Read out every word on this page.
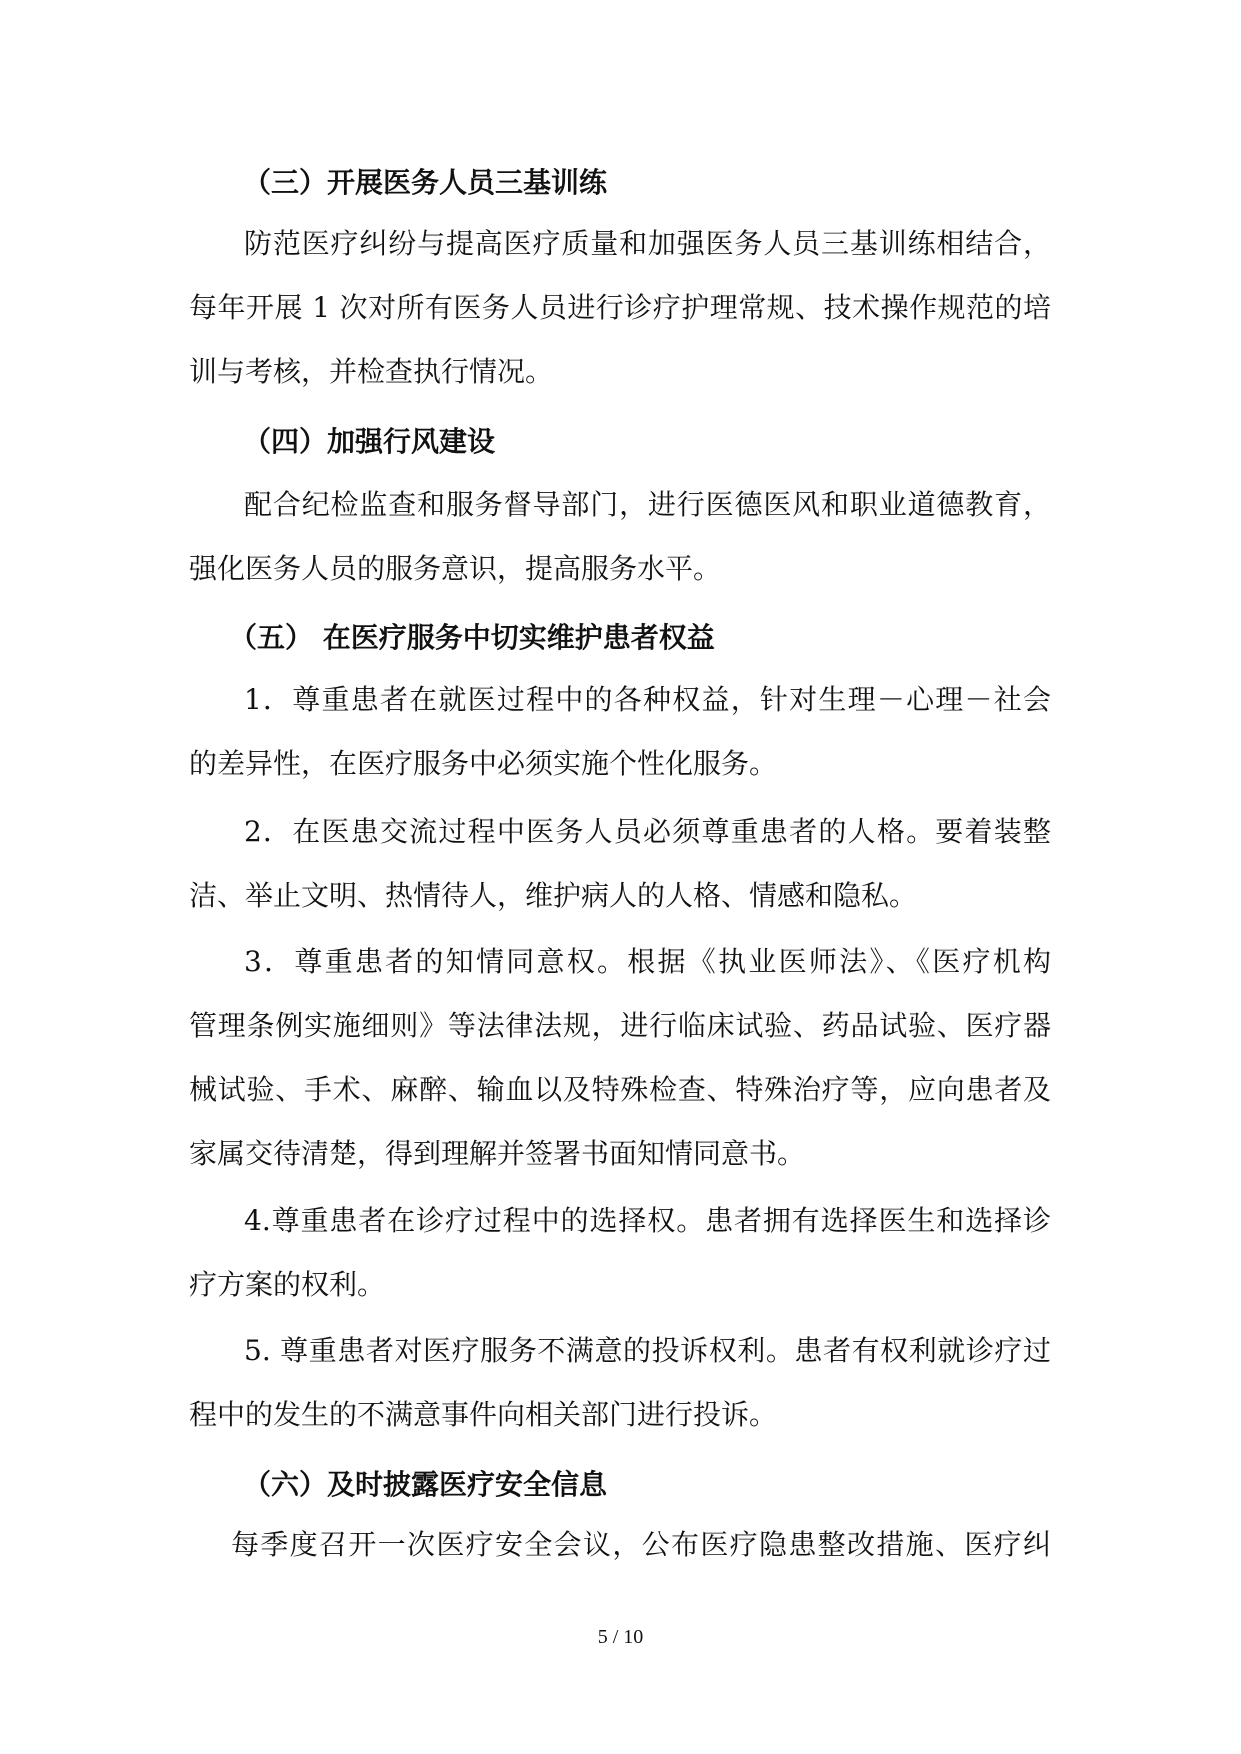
（三）开展医务人员三基训练
防范医疗纠纷与提高医疗质量和加强医务人员三基训练相结合，
每年开展 1 次对所有医务人员进行诊疗护理常规、技术操作规范的培
训与考核，并检查执行情况。
（四）加强行风建设
配合纪检监查和服务督导部门，进行医德医风和职业道德教育，
强化医务人员的服务意识，提高服务水平。
（五） 在医疗服务中切实维护患者权益
1．尊重患者在就医过程中的各种权益，针对生理－心理－社会
的差异性，在医疗服务中必须实施个性化服务。
2．在医患交流过程中医务人员必须尊重患者的人格。要着装整
洁、举止文明、热情待人，维护病人的人格、情感和隐私。
3．尊重患者的知情同意权。根据《执业医师法》、《医疗机构
管理条例实施细则》等法律法规，进行临床试验、药品试验、医疗器
械试验、手术、麻醉、输血以及特殊检查、特殊治疗等，应向患者及
家属交待清楚，得到理解并签署书面知情同意书。
4.尊重患者在诊疗过程中的选择权。患者拥有选择医生和选择诊
疗方案的权利。
5. 尊重患者对医疗服务不满意的投诉权利。患者有权利就诊疗过
程中的发生的不满意事件向相关部门进行投诉。
（六）及时披露医疗安全信息
每季度召开一次医疗安全会议，公布医疗隐患整改措施、医疗纠
5 / 10
